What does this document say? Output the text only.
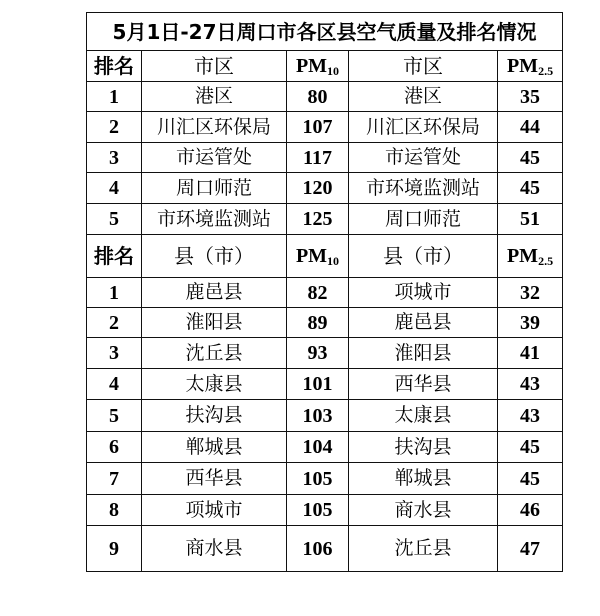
5月1日-27日周口市各区县空气质量及排名情况				
排名	市区	$PM_{10}$	市区	$PM_{2.5}$
1	港区	80	港区	35
2	川汇区环保局	107	川汇区环保局	44
3	市运管处	117	市运管处	45
4	周口师范	120	市环境监测站	45
5	市环境监测站	125	周口师范	51
排名	县（市）	$PM_{10}$	县（市）	$PM_{2.5}$
1	鹿邑县	82	项城市	32
2	淮阳县	89	鹿邑县	39
3	沈丘县	93	淮阳县	41
4	太康县	101	西华县	43
5	扶沟县	103	太康县	43
6	郸城县	104	扶沟县	45
7	西华县	105	郸城县	45
8	项城市	105	商水县	46
9	商水县	106	沈丘县	47
